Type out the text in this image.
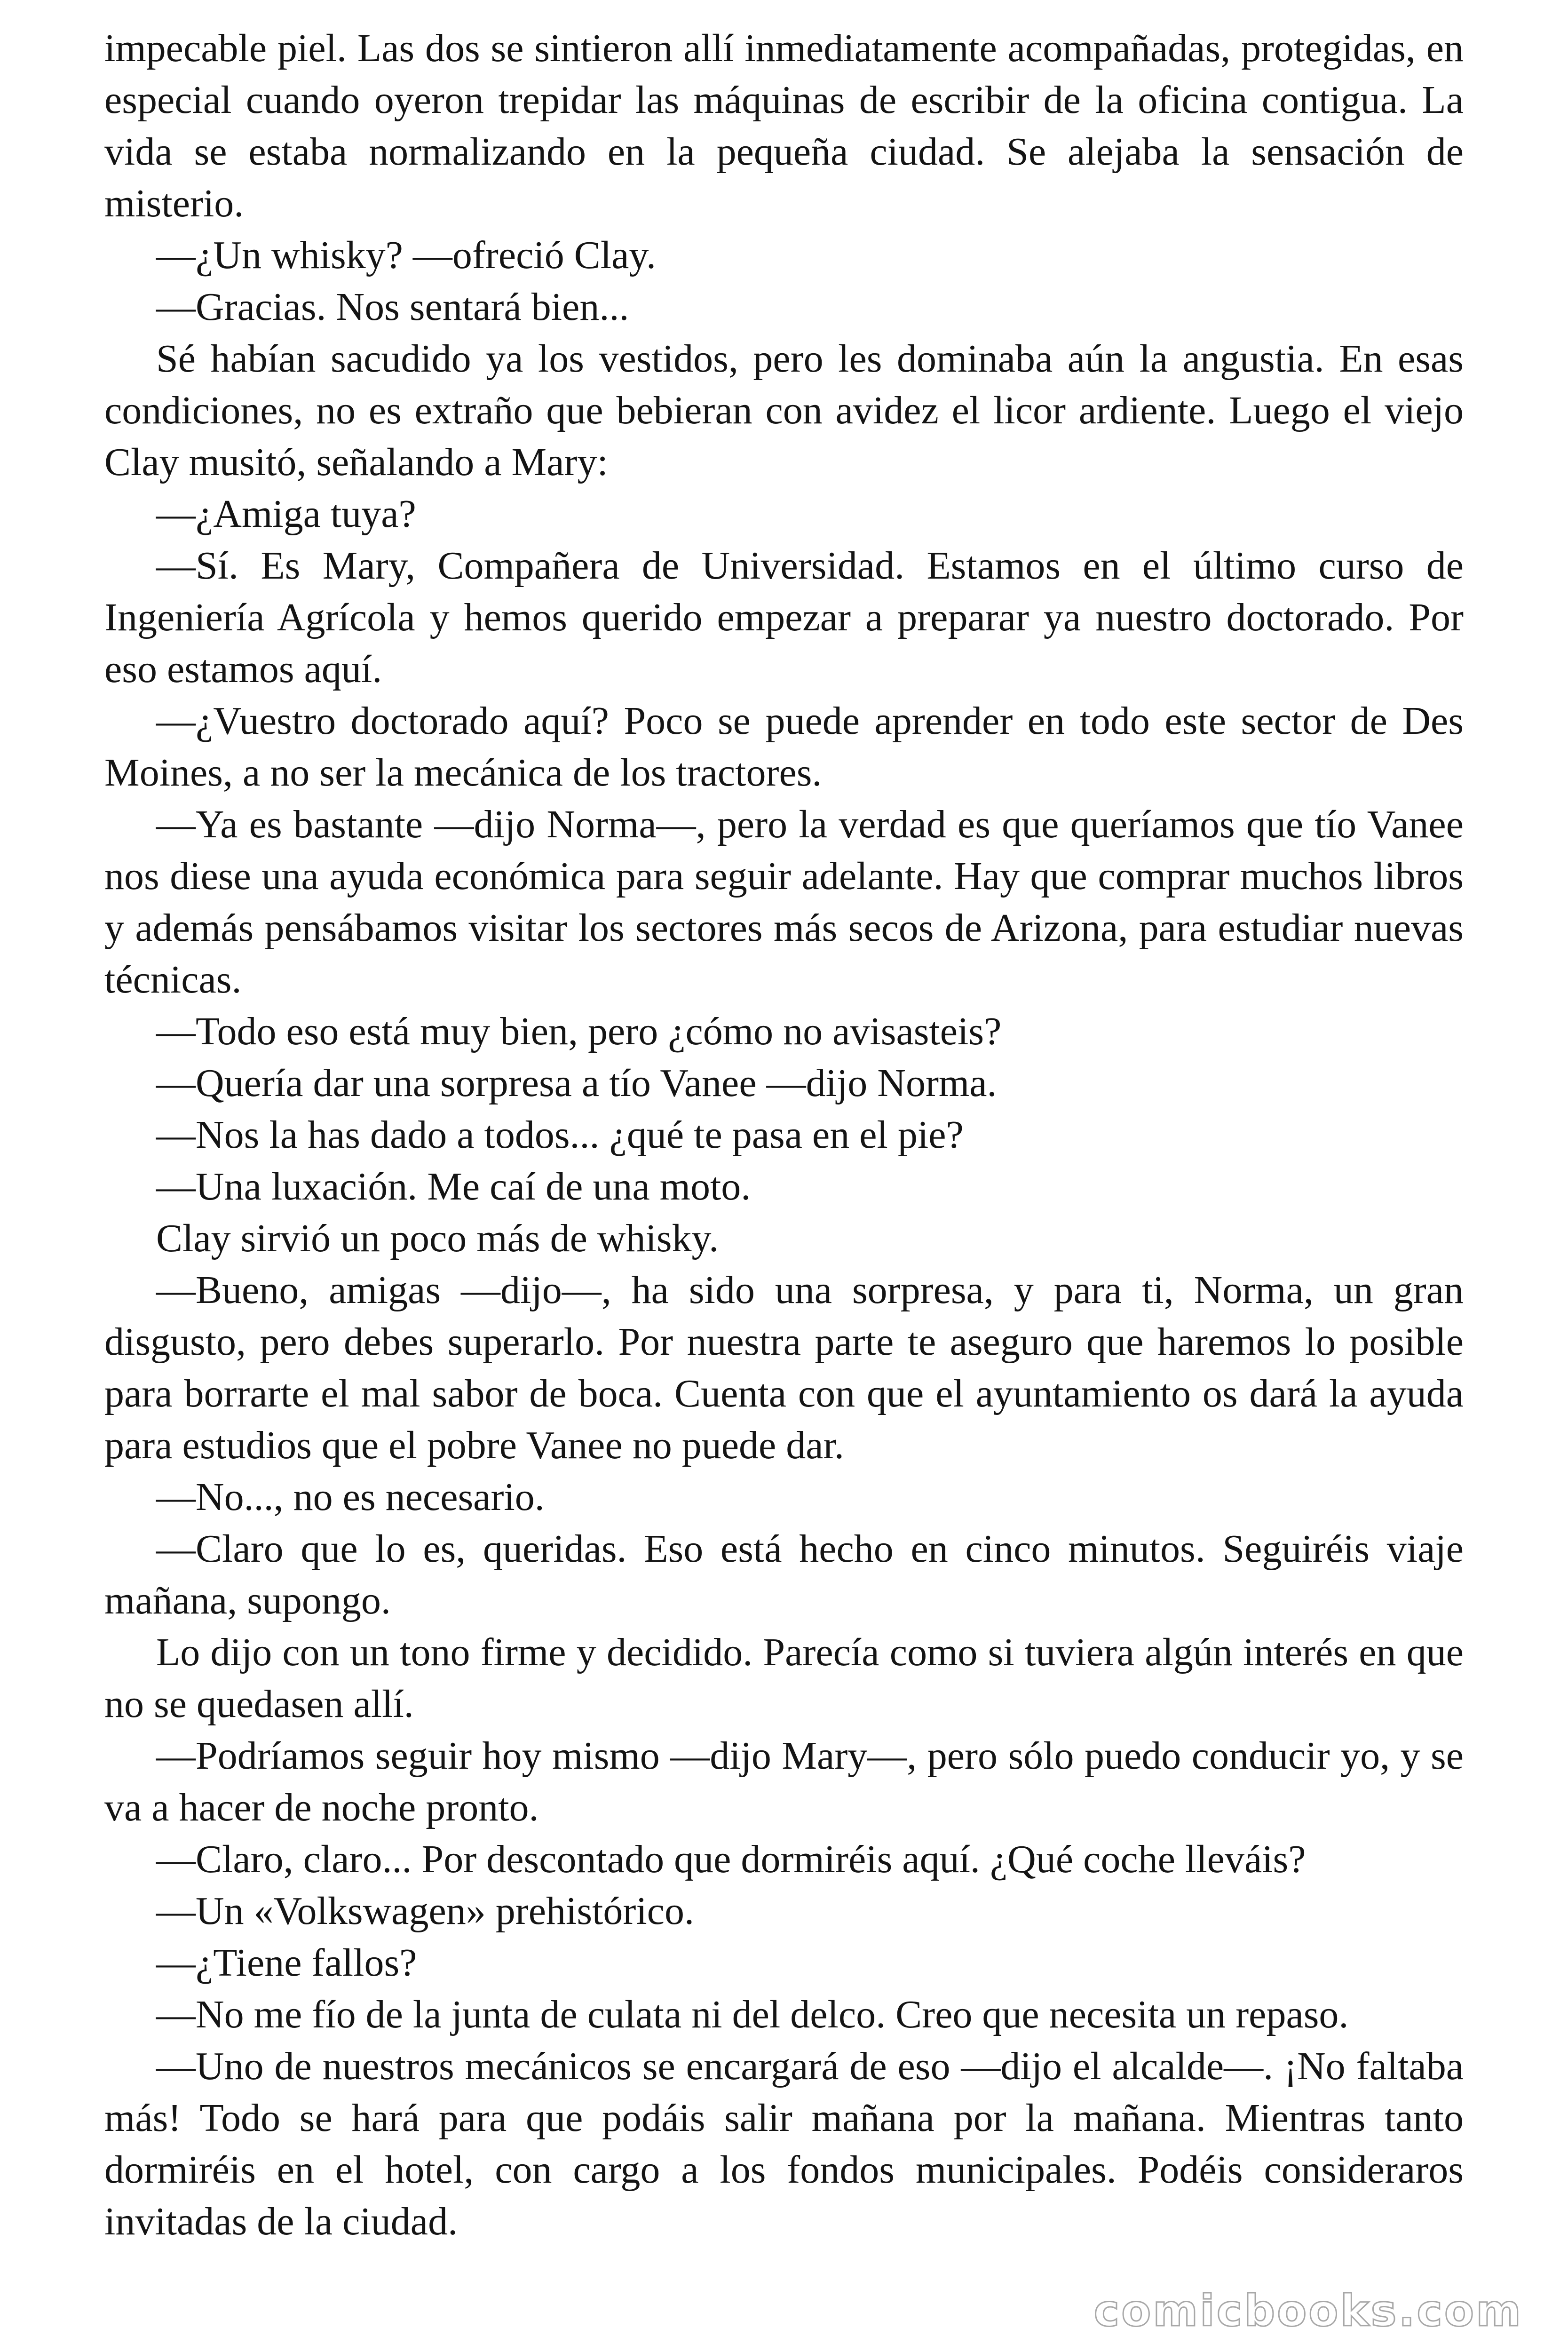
impecable piel. Las dos se sintieron allí inmediatamente acompañadas, protegidas, en especial cuando oyeron trepidar las máquinas de escribir de la oficina contigua. La vida se estaba normalizando en la pequeña ciudad. Se alejaba la sensación de misterio.

—¿Un whisky? —ofreció Clay.

—Gracias. Nos sentará bien...

Sé habían sacudido ya los vestidos, pero les dominaba aún la angustia. En esas condiciones, no es extraño que bebieran con avidez el licor ardiente. Luego el viejo Clay musitó, señalando a Mary:

—¿Amiga tuya?

—Sí. Es Mary, Compañera de Universidad. Estamos en el último curso de Ingeniería Agrícola y hemos querido empezar a preparar ya nuestro doctorado. Por eso estamos aquí.

—¿Vuestro doctorado aquí? Poco se puede aprender en todo este sector de Des Moines, a no ser la mecánica de los tractores.

—Ya es bastante —dijo Norma—, pero la verdad es que queríamos que tío Vanee nos diese una ayuda económica para seguir adelante. Hay que comprar muchos libros y además pensábamos visitar los sectores más secos de Arizona, para estudiar nuevas técnicas.

—Todo eso está muy bien, pero ¿cómo no avisasteis?

—Quería dar una sorpresa a tío Vanee —dijo Norma.

—Nos la has dado a todos... ¿qué te pasa en el pie?

—Una luxación. Me caí de una moto.

Clay sirvió un poco más de whisky.

—Bueno, amigas —dijo—, ha sido una sorpresa, y para ti, Norma, un gran disgusto, pero debes superarlo. Por nuestra parte te aseguro que haremos lo posible para borrarte el mal sabor de boca. Cuenta con que el ayuntamiento os dará la ayuda para estudios que el pobre Vanee no puede dar.

—No..., no es necesario.

—Claro que lo es, queridas. Eso está hecho en cinco minutos. Seguiréis viaje mañana, supongo.

Lo dijo con un tono firme y decidido. Parecía como si tuviera algún interés en que no se quedasen allí.

—Podríamos seguir hoy mismo —dijo Mary—, pero sólo puedo conducir yo, y se va a hacer de noche pronto.

—Claro, claro... Por descontado que dormiréis aquí. ¿Qué coche lleváis?

—Un «Volkswagen» prehistórico.

—¿Tiene fallos?

—No me fío de la junta de culata ni del delco. Creo que necesita un repaso.

—Uno de nuestros mecánicos se encargará de eso —dijo el alcalde—. ¡No faltaba más! Todo se hará para que podáis salir mañana por la mañana. Mientras tanto dormiréis en el hotel, con cargo a los fondos municipales. Podéis consideraros invitadas de la ciudad.

comicbooks.com
